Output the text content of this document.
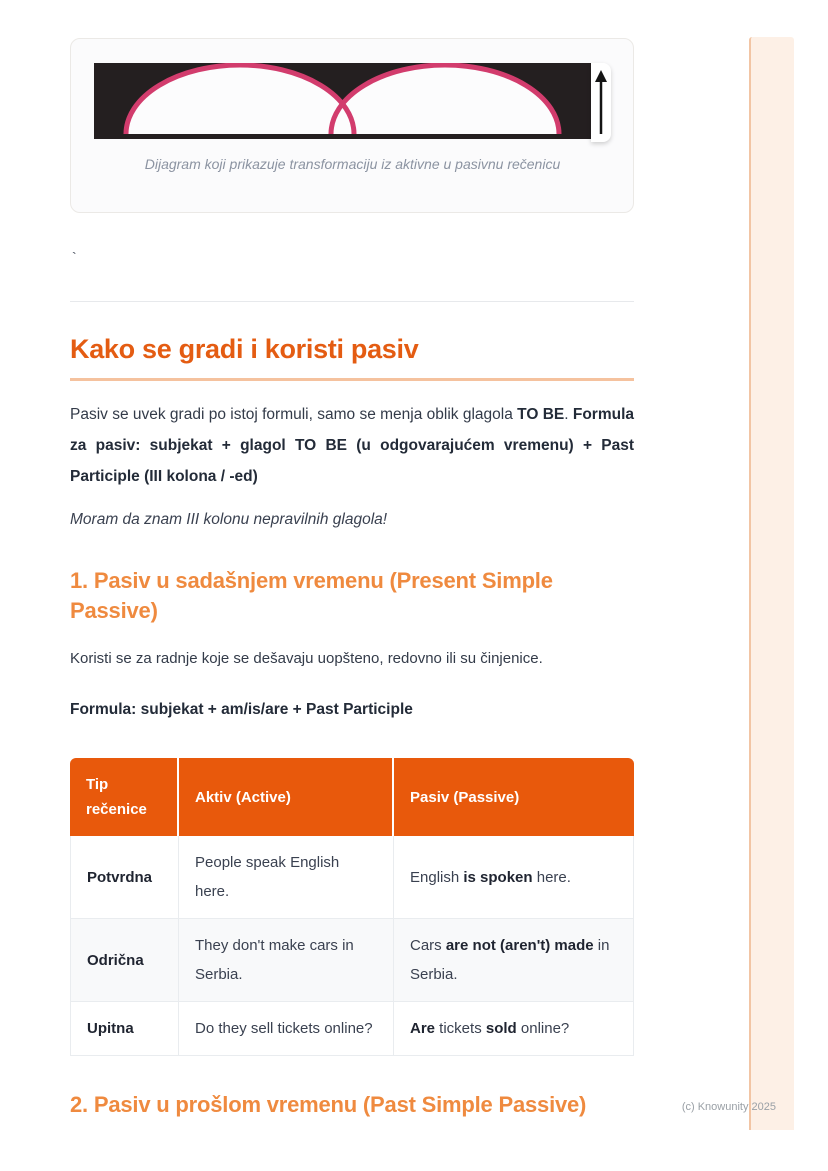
Dijagram koji prikazuje transformaciju iz aktivne u pasivnu rečenicu
`
Kako se gradi i koristi pasiv

Pasiv se uvek gradi po istoj formuli, samo se menja oblik glagola TO BE. Formula za pasiv: subjekat + glagol TO BE (u odgovarajućem vremenu) + Past Participle (III kolona / -ed)

Moram da znam III kolonu nepravilnih glagola!

1. Pasiv u sadašnjem vremenu (Present Simple Passive)

Koristi se za radnje koje se dešavaju uopšteno, redovno ili su činjenice.

Formula: subjekat + am/is/are + Past Participle

Tip rečenice	Aktiv (Active)	Pasiv (Passive)
Potvrdna	People speak English here.	English is spoken here.
Odrična	They don't make cars in Serbia.	Cars are not (aren't) made in Serbia.
Upitna	Do they sell tickets online?	Are tickets sold online?
2. Pasiv u prošlom vremenu (Past Simple Passive)	(c) Knowunity 2025
